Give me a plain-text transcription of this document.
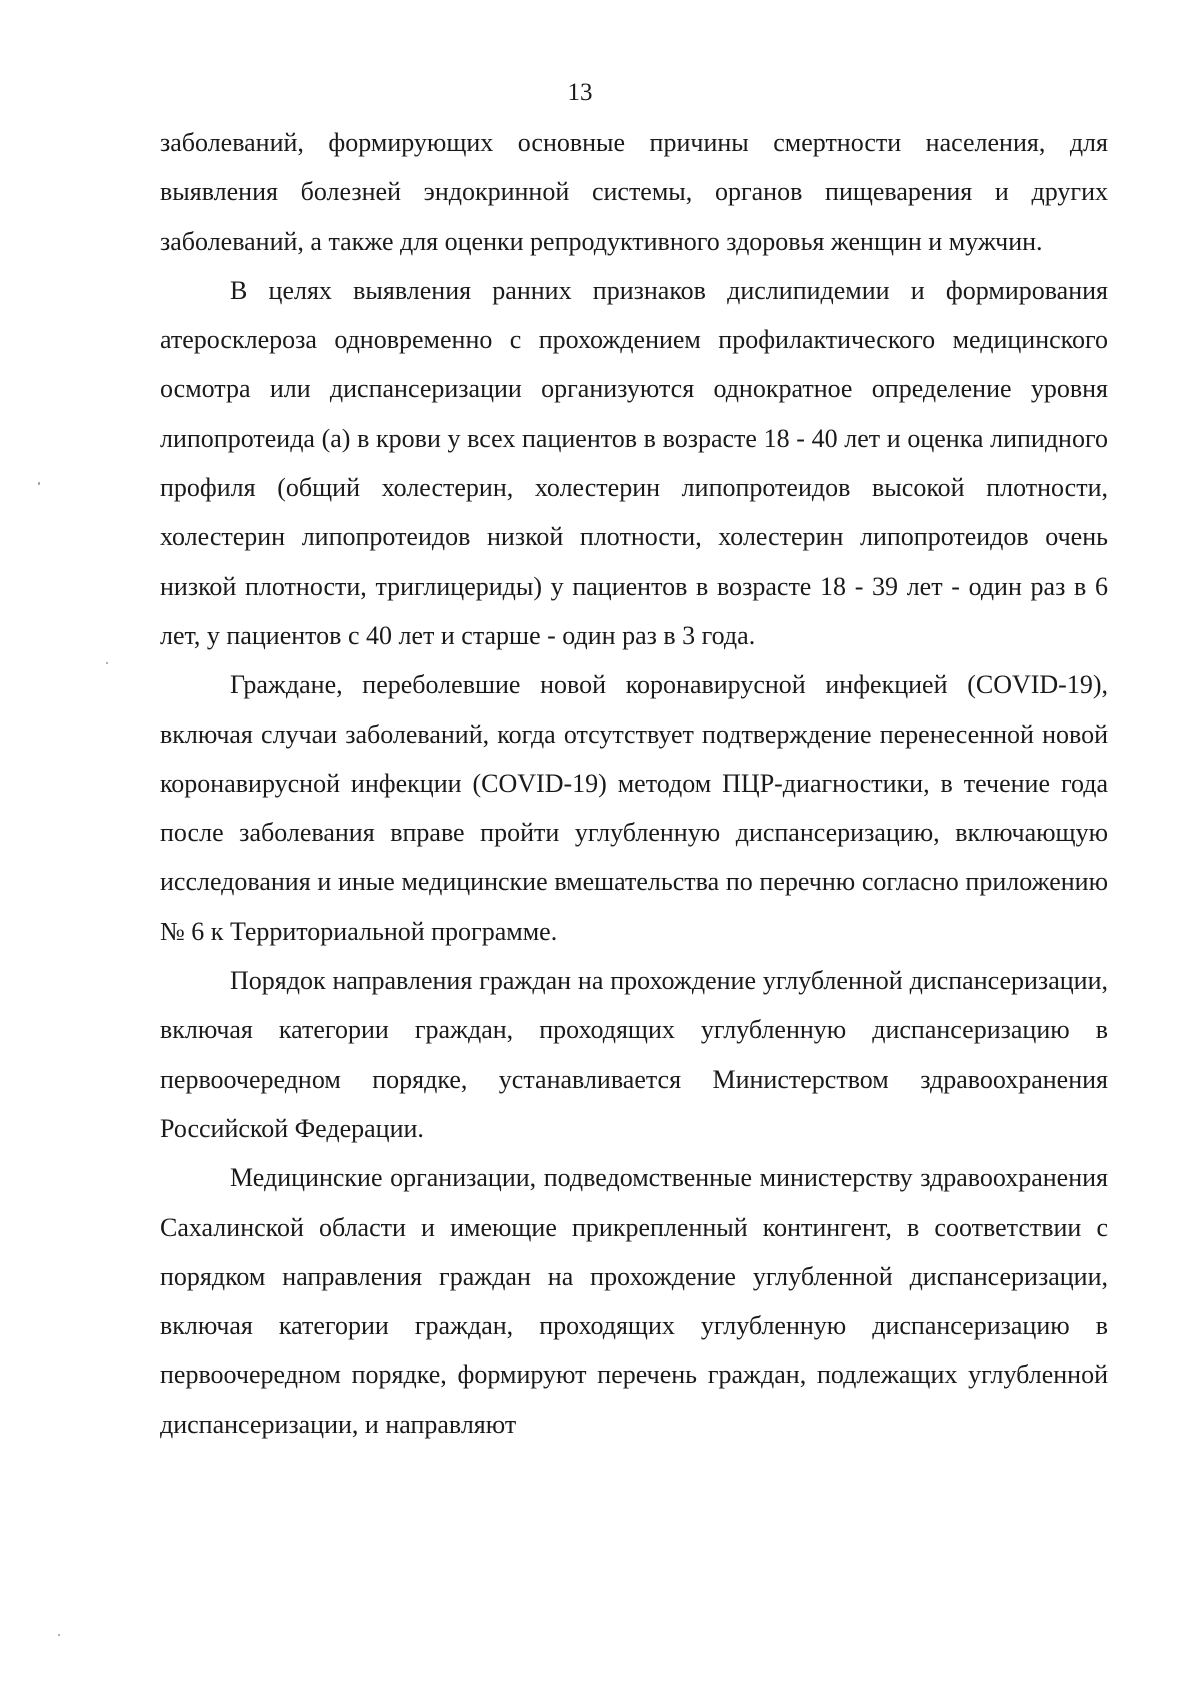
13

заболеваний, формирующих основные причины смертности населения, для выявления болезней эндокринной системы, органов пищеварения и других заболеваний, а также для оценки репродуктивного здоровья женщин и мужчин.

В целях выявления ранних признаков дислипидемии и формирования атеросклероза одновременно с прохождением профилактического медицинского осмотра или диспансеризации организуются однократное определение уровня липопротеида (а) в крови у всех пациентов в возрасте 18 - 40 лет и оценка липидного профиля (общий холестерин, холестерин липопротеидов высокой плотности, холестерин липопротеидов низкой плотности, холестерин липопротеидов очень низкой плотности, триглицериды) у пациентов в возрасте 18 - 39 лет - один раз в 6 лет, у пациентов с 40 лет и старше - один раз в 3 года.

Граждане, переболевшие новой коронавирусной инфекцией (COVID-19), включая случаи заболеваний, когда отсутствует подтверждение перенесенной новой коронавирусной инфекции (COVID-19) методом ПЦР-диагностики, в течение года после заболевания вправе пройти углубленную диспансеризацию, включающую исследования и иные медицинские вмешательства по перечню согласно приложению № 6 к Территориальной программе.

Порядок направления граждан на прохождение углубленной диспансеризации, включая категории граждан, проходящих углубленную диспансеризацию в первоочередном порядке, устанавливается Министерством здравоохранения Российской Федерации.

Медицинские организации, подведомственные министерству здравоохранения Сахалинской области и имеющие прикрепленный контингент, в соответствии с порядком направления граждан на прохождение углубленной диспансеризации, включая категории граждан, проходящих углубленную диспансеризацию в первоочередном порядке, формируют перечень граждан, подлежащих углубленной диспансеризации, и направляют
